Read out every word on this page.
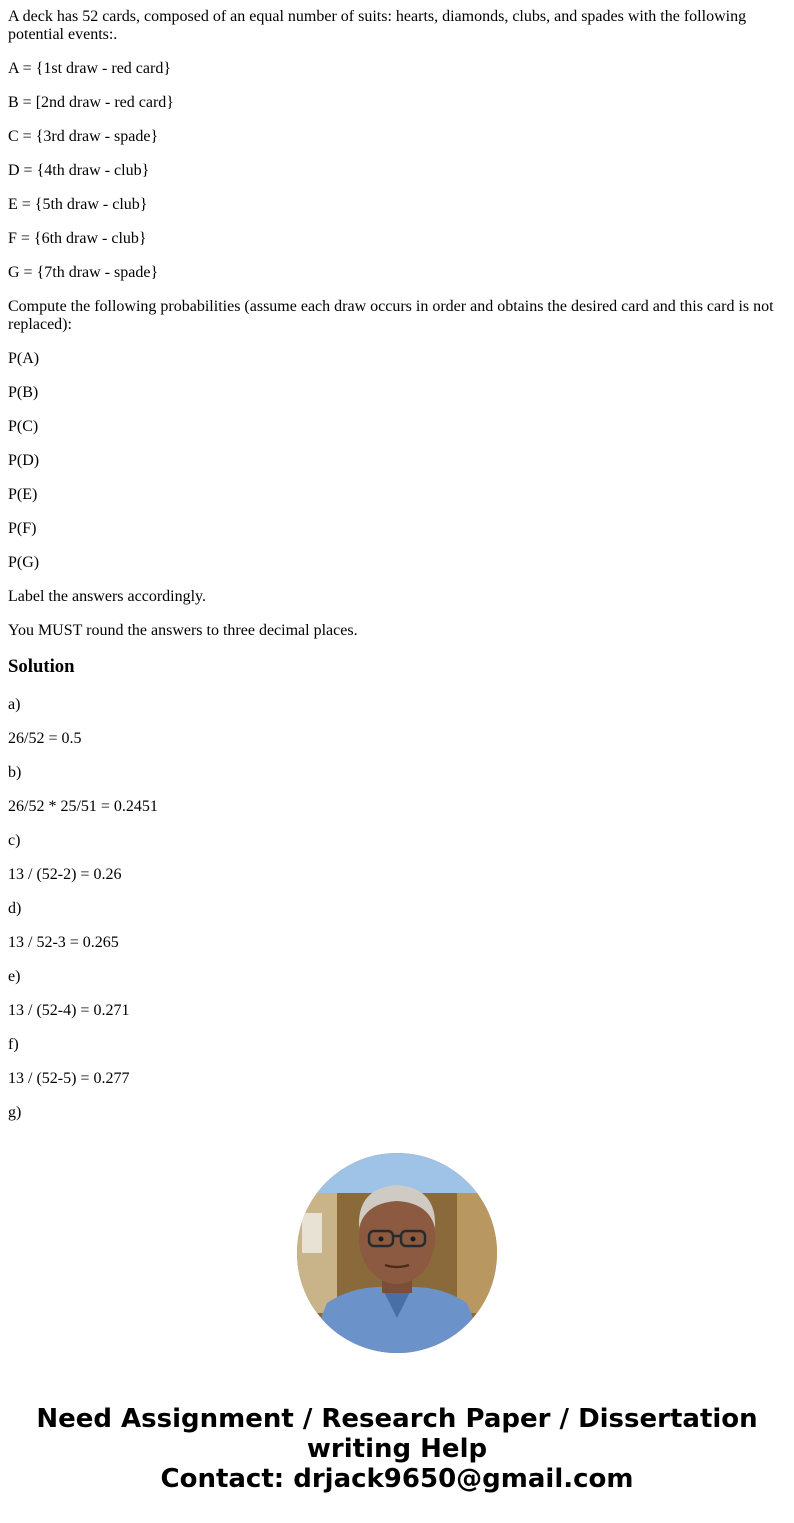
A deck has 52 cards, composed of an equal number of suits: hearts, diamonds, clubs, and spades with the following potential events:.

A = {1st draw - red card}

B = [2nd draw - red card}

C = {3rd draw - spade}

D = {4th draw - club}

E = {5th draw - club}

F = {6th draw - club}

G = {7th draw - spade}

Compute the following probabilities (assume each draw occurs in order and obtains the desired card and this card is not replaced):

P(A)

P(B)

P(C)

P(D)

P(E)

P(F)

P(G)

Label the answers accordingly.

You MUST round the answers to three decimal places.

Solution

a)

26/52 = 0.5

b)

26/52 * 25/51 = 0.2451

c)

13 / (52-2) = 0.26

d)

13 / 52-3 = 0.265

e)

13 / (52-4) = 0.271

f)

13 / (52-5) = 0.277

g)

Need Assignment / Research Paper / Dissertation
writing Help
Contact: drjack9650@gmail.com
